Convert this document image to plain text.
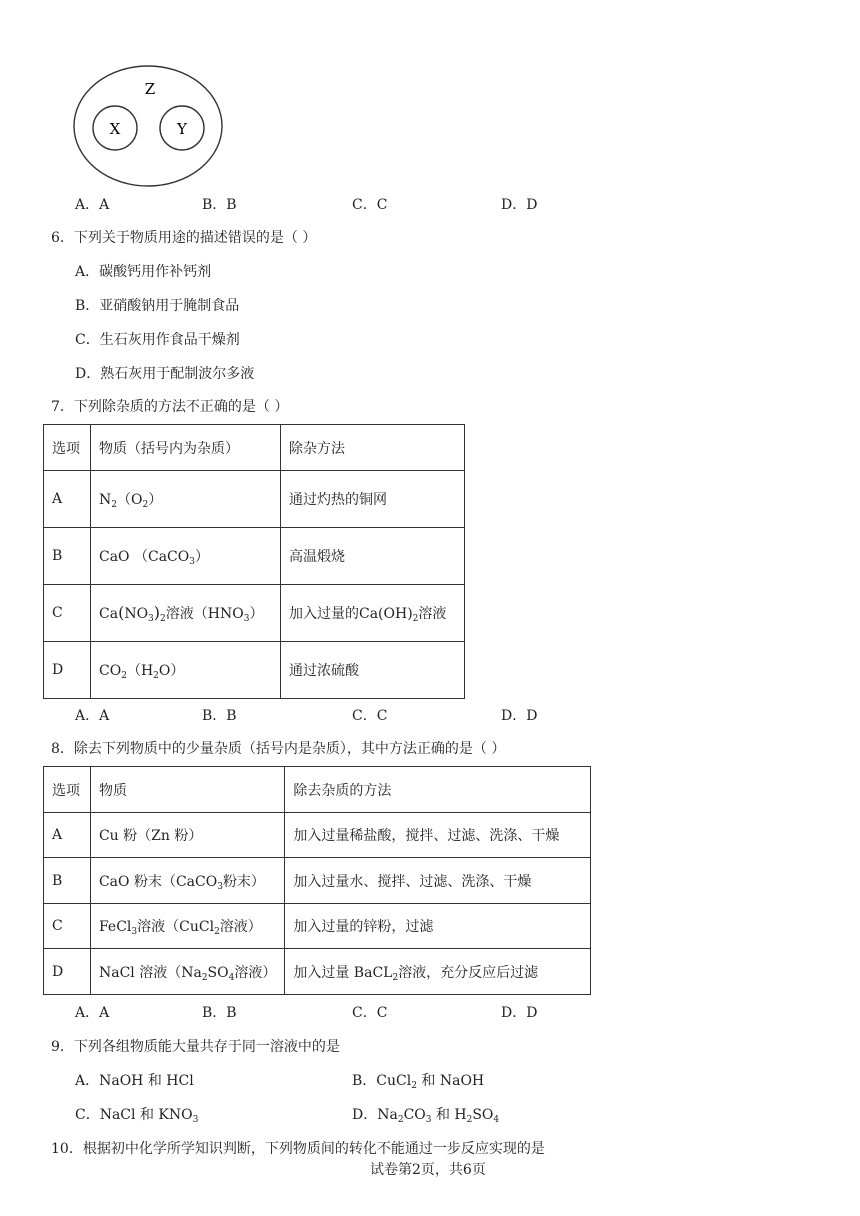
Z
X	Y
A．A	B．B	C．C	D．D
6．下列关于物质用途的描述错误的是（ ）
A．碳酸钙用作补钙剂
B．亚硝酸钠用于腌制食品
C．生石灰用作食品干燥剂
D．熟石灰用于配制波尔多液
7．下列除杂质的方法不正确的是（ ）
选项	物质（括号内为杂质）	除杂方法
A	$N_2(O_2)$	通过灼热的铜网
B	CaO （CaCO$_3$）	高温煅烧
C	$Ca(NO_3)_2$溶液$(HNO_3)$	加入过量的$Ca(OH)_2$溶液
D	$CO_2(H_2O)$	通过浓硫酸
A．A	B．B	C．C	D．D
8．除去下列物质中的少量杂质（括号内是杂质），其中方法正确的是（ ）
选项	物质	除去杂质的方法
A	Cu 粉（Zn 粉）	加入过量稀盐酸，搅拌、过滤、洗涤、干燥
B	CaO 粉末（CaCO$_3$粉末）	加入过量水、搅拌、过滤、洗涤、干燥
C	FeCl$_3$溶液（CuCl$_2$溶液）	加入过量的锌粉，过滤
D	NaCl 溶液（$Na_2SO_4$溶液）	加入过量 BaCL$_2$溶液，充分反应后过滤
A．A	B．B	C．C	D．D
9．下列各组物质能大量共存于同一溶液中的是
A．NaOH 和 HCl	B．CuCl$_2$ 和 NaOH
C．NaCl 和 $KNO_3$	D．$Na_2CO_3$ 和 $H_2SO_4$
10．根据初中化学所学知识判断，下列物质间的转化不能通过一步反应实现的是
试卷第2页，共6页
